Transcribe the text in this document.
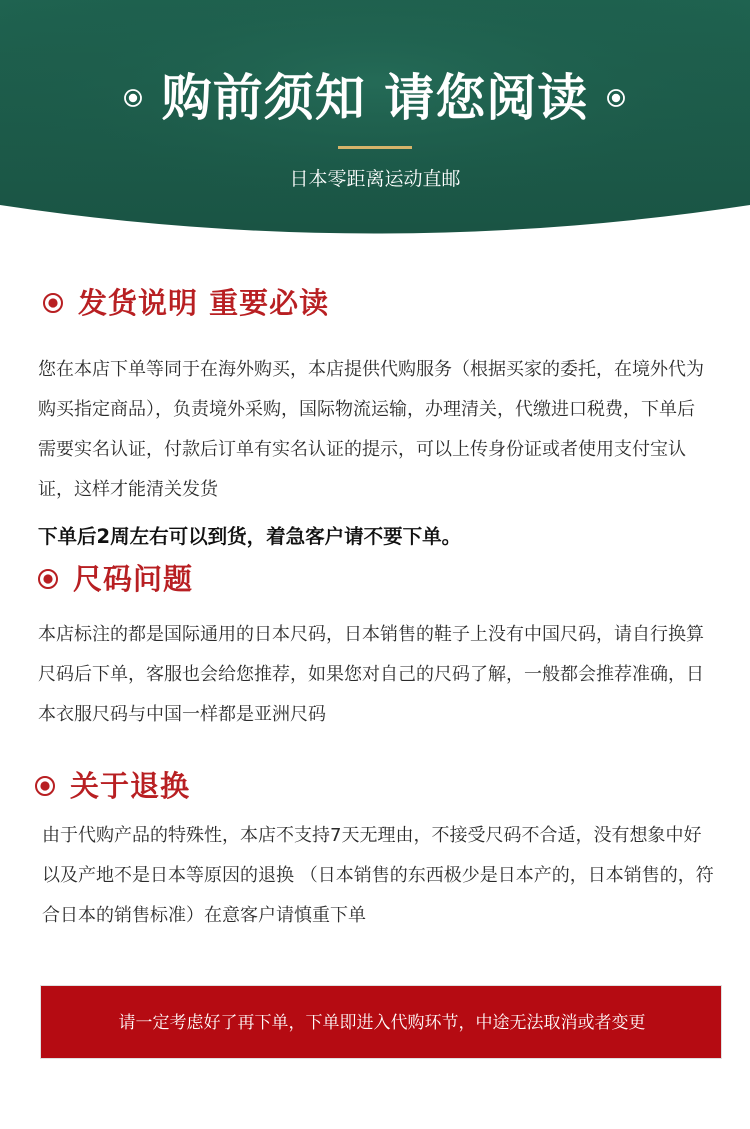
购前须知 请您阅读
日本零距离运动直邮
发货说明 重要必读
您在本店下单等同于在海外购买，本店提供代购服务（根据买家的委托，在境外代为购买指定商品），负责境外采购，国际物流运输，办理清关，代缴进口税费，下单后需要实名认证，付款后订单有实名认证的提示，可以上传身份证或者使用支付宝认证，这样才能清关发货
下单后2周左右可以到货，着急客户请不要下单。
尺码问题
本店标注的都是国际通用的日本尺码，日本销售的鞋子上没有中国尺码，请自行换算尺码后下单，客服也会给您推荐，如果您对自己的尺码了解，一般都会推荐准确，日本衣服尺码与中国一样都是亚洲尺码
关于退换
由于代购产品的特殊性，本店不支持7天无理由，不接受尺码不合适，没有想象中好以及产地不是日本等原因的退换 （日本销售的东西极少是日本产的，日本销售的，符合日本的销售标准）在意客户请慎重下单
请一定考虑好了再下单，下单即进入代购环节，中途无法取消或者变更
